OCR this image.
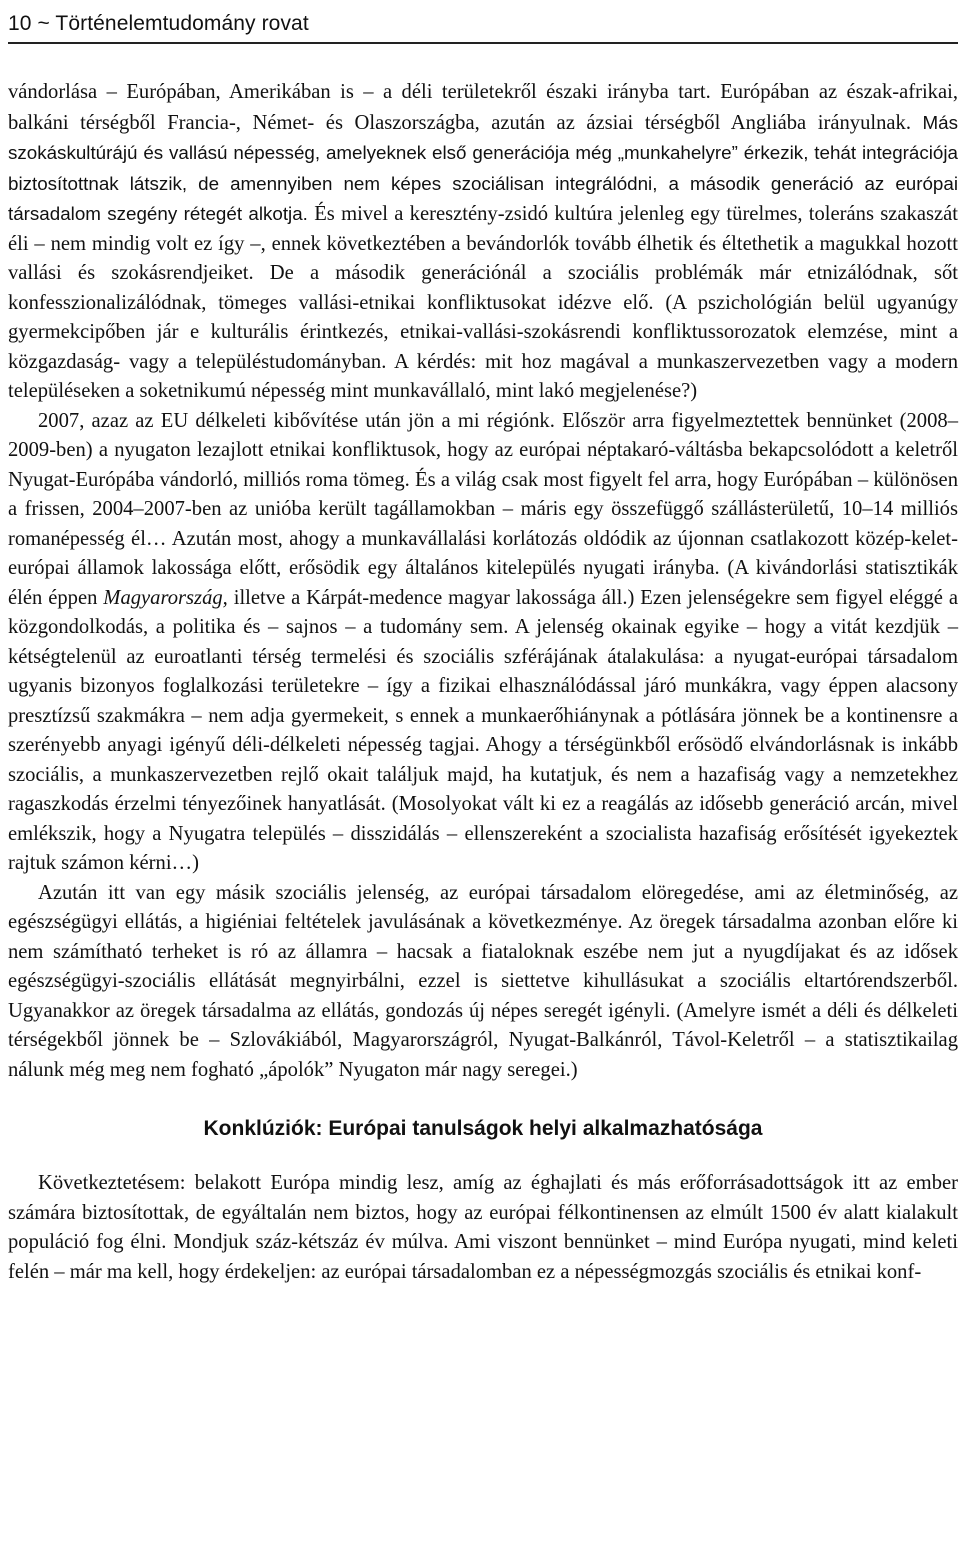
10 ~ Történelemtudomány rovat

vándorlása – Európában, Amerikában is – a déli területekről északi irányba tart. Európában az észak-afrikai, balkáni térségből Francia-, Német- és Olaszországba, azután az ázsiai térségből Angliába irányulnak. Más szokáskultúrájú és vallású népesség, amelyeknek első generációja még „munkahelyre” érkezik, tehát integrációja biztosítottnak látszik, de amennyiben nem képes szociálisan integrálódni, a második generáció az európai társadalom szegény rétegét alkotja. És mivel a keresztény-zsidó kultúra jelenleg egy türelmes, toleráns szakaszát éli – nem mindig volt ez így –, ennek következtében a bevándorlók tovább élhetik és éltethetik a magukkal hozott vallási és szokásrendjeiket. De a második generációnál a szociális problémák már etnizálódnak, sőt konfesszionalizálódnak, tömeges vallási-etnikai konfliktusokat idézve elő. (A pszichológián belül ugyanúgy gyermekcipőben jár e kulturális érintkezés, etnikai-vallási-szokásrendi konfliktussorozatok elemzése, mint a közgazdaság- vagy a településtudományban. A kérdés: mit hoz magával a munkaszervezetben vagy a modern településeken a soketnikumú népesség mint munkavállaló, mint lakó megjelenése?)

2007, azaz az EU délkeleti kibővítése után jön a mi régiónk. Először arra figyelmeztettek bennünket (2008–2009-ben) a nyugaton lezajlott etnikai konfliktusok, hogy az európai néptakaró-váltásba bekapcsolódott a keletről Nyugat-Európába vándorló, milliós roma tömeg. És a világ csak most figyelt fel arra, hogy Európában – különösen a frissen, 2004–2007-ben az unióba került tagállamokban – máris egy összefüggő szállásterületű, 10–14 milliós romanépesség él… Azután most, ahogy a munkavállalási korlátozás oldódik az újonnan csatlakozott közép-kelet-európai államok lakossága előtt, erősödik egy általános kitelepülés nyugati irányba. (A kivándorlási statisztikák élén éppen Magyarország, illetve a Kárpát-medence magyar lakossága áll.) Ezen jelenségekre sem figyel eléggé a közgondolkodás, a politika és – sajnos – a tudomány sem. A jelenség okainak egyike – hogy a vitát kezdjük – kétségtelenül az euroatlanti térség termelési és szociális szférájának átalakulása: a nyugat-európai társadalom ugyanis bizonyos foglalkozási területekre – így a fizikai elhasználódással járó munkákra, vagy éppen alacsony presztízsű szakmákra – nem adja gyermekeit, s ennek a munkaerőhiánynak a pótlására jönnek be a kontinensre a szerényebb anyagi igényű déli-délkeleti népesség tagjai. Ahogy a térségünkből erősödő elvándorlásnak is inkább szociális, a munkaszervezetben rejlő okait találjuk majd, ha kutatjuk, és nem a hazafiság vagy a nemzetekhez ragaszkodás érzelmi tényezőinek hanyatlását. (Mosolyokat vált ki ez a reagálás az idősebb generáció arcán, mivel emlékszik, hogy a Nyugatra település – disszidálás – ellenszereként a szocialista hazafiság erősítését igyekeztek rajtuk számon kérni…)

Azután itt van egy másik szociális jelenség, az európai társadalom elöregedése, ami az életminőség, az egészségügyi ellátás, a higiéniai feltételek javulásának a következménye. Az öregek társadalma azonban előre ki nem számítható terheket is ró az államra – hacsak a fiataloknak eszébe nem jut a nyugdíjakat és az idősek egészségügyi-szociális ellátását megnyirbálni, ezzel is siettetve kihullásukat a szociális eltartórendszerből. Ugyanakkor az öregek társadalma az ellátás, gondozás új népes seregét igényli. (Amelyre ismét a déli és délkeleti térségekből jönnek be – Szlovákiából, Magyarországról, Nyugat-Balkánról, Távol-Keletről – a statisztikailag nálunk még meg nem fogható „ápolók” Nyugaton már nagy seregei.)

Konklúziók: Európai tanulságok helyi alkalmazhatósága

Következtetésem: belakott Európa mindig lesz, amíg az éghajlati és más erőforrásadottságok itt az ember számára biztosítottak, de egyáltalán nem biztos, hogy az európai félkontinensen az elmúlt 1500 év alatt kialakult populáció fog élni. Mondjuk száz-kétszáz év múlva. Ami viszont bennünket – mind Európa nyugati, mind keleti felén – már ma kell, hogy érdekeljen: az európai társadalomban ez a népességmozgás szociális és etnikai konf-
